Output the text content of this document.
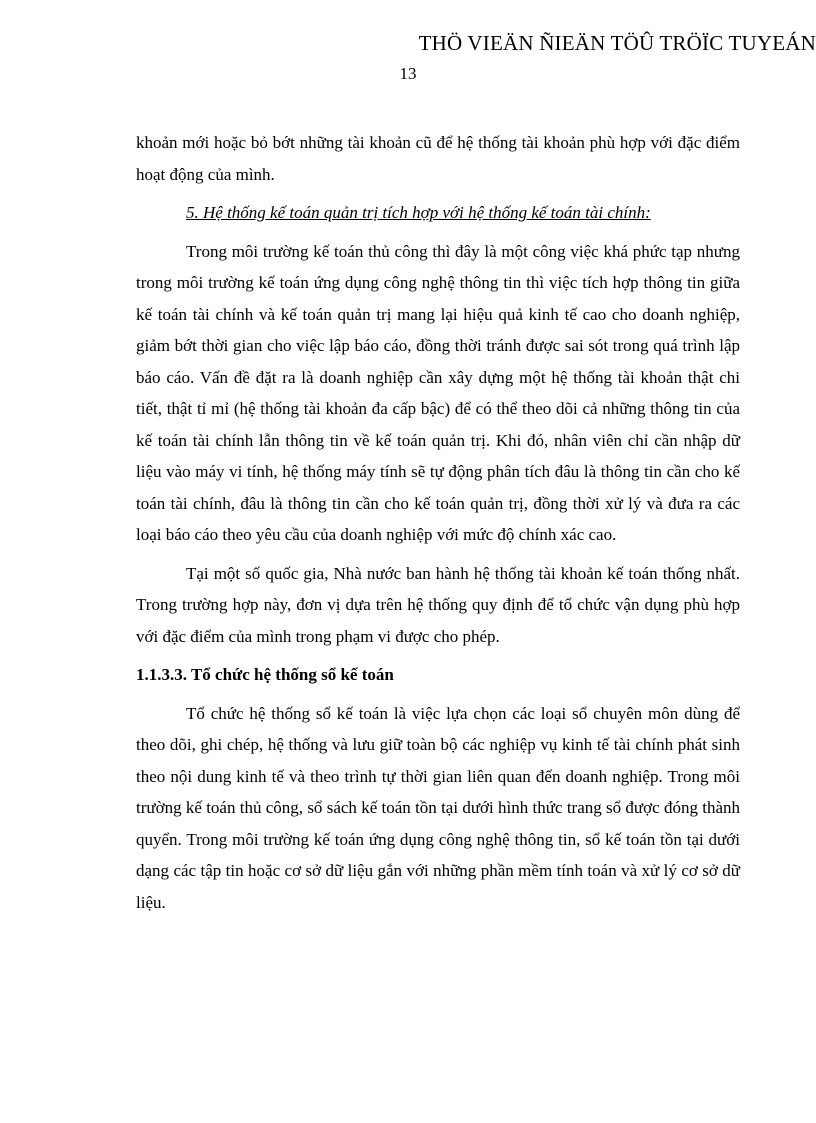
THÖ VIEÄN ÑIEÄN TÖÛ TRÖÏC TUYEÁN
13

khoản mới hoặc bỏ bớt những tài khoản cũ để hệ thống tài khoản phù hợp với đặc điểm hoạt động của mình.

5. Hệ thống kế toán quản trị tích hợp với hệ thống kế toán tài chính:

Trong môi trường kế toán thủ công thì đây là một công việc khá phức tạp nhưng trong môi trường kế toán ứng dụng công nghệ thông tin thì việc tích hợp thông tin giữa kế toán tài chính và kế toán quản trị mang lại hiệu quả kinh tế cao cho doanh nghiệp, giảm bớt thời gian cho việc lập báo cáo, đồng thời tránh được sai sót trong quá trình lập báo cáo. Vấn đề đặt ra là doanh nghiệp cần xây dựng một hệ thống tài khoản thật chi tiết, thật tỉ mỉ (hệ thống tài khoản đa cấp bậc) để có thể theo dõi cả những thông tin của kế toán tài chính lẫn thông tin về kế toán quản trị. Khi đó, nhân viên chỉ cần nhập dữ liệu vào máy vi tính, hệ thống máy tính sẽ tự động phân tích đâu là thông tin cần cho kế toán tài chính, đâu là thông tin cần cho kế toán quản trị, đồng thời xử lý và đưa ra các loại báo cáo theo yêu cầu của doanh nghiệp với mức độ chính xác cao.

Tại một số quốc gia, Nhà nước ban hành hệ thống tài khoản kế toán thống nhất. Trong trường hợp này, đơn vị dựa trên hệ thống quy định để tổ chức vận dụng phù hợp với đặc điểm của mình trong phạm vi được cho phép.

1.1.3.3. Tổ chức hệ thống sổ kế toán

Tổ chức hệ thống sổ kế toán là việc lựa chọn các loại sổ chuyên môn dùng để theo dõi, ghi chép, hệ thống và lưu giữ toàn bộ các nghiệp vụ kinh tế tài chính phát sinh theo nội dung kinh tế và theo trình tự thời gian liên quan đến doanh nghiệp. Trong môi trường kế toán thủ công, sổ sách kế toán tồn tại dưới hình thức trang sổ được đóng thành quyển. Trong môi trường kế toán ứng dụng công nghệ thông tin, sổ kế toán tồn tại dưới dạng các tập tin hoặc cơ sở dữ liệu gắn với những phần mềm tính toán và xử lý cơ sở dữ liệu.
